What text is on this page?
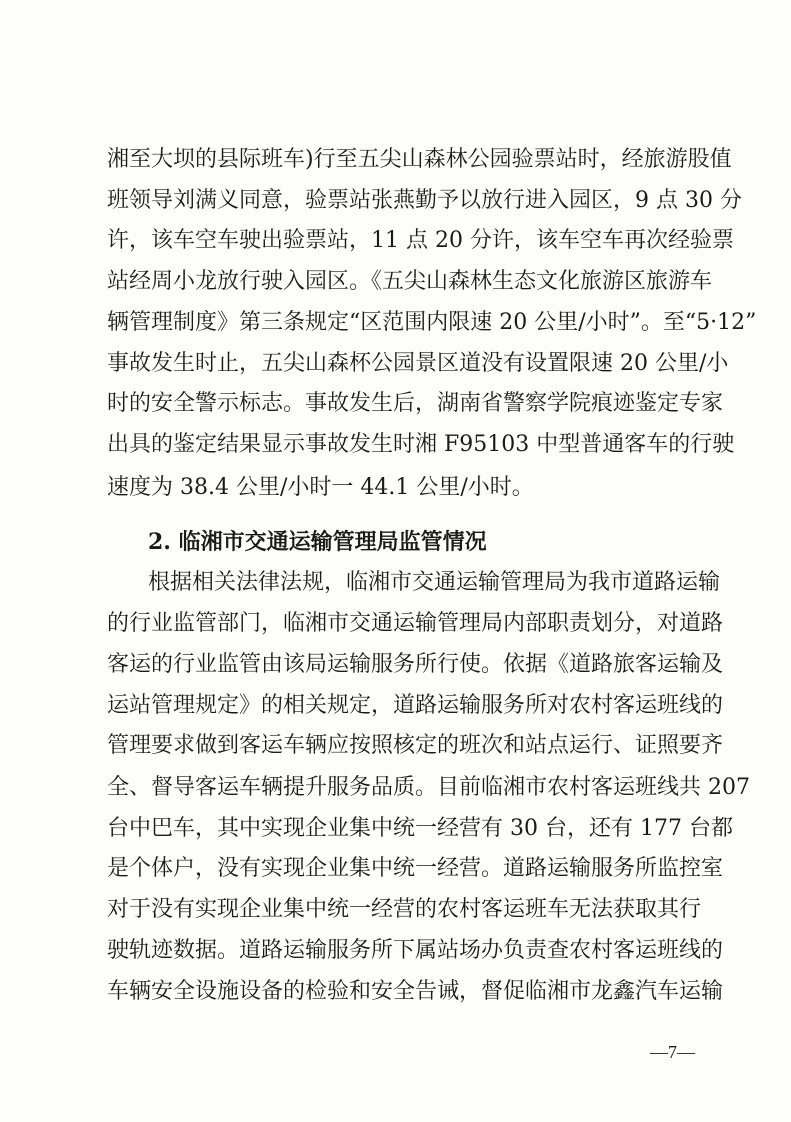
湘至大坝的县际班车)行至五尖山森林公园验票站时，经旅游股值
班领导刘满义同意，验票站张燕勤予以放行进入园区，9 点 30 分
许，该车空车驶出验票站，11 点 20 分许，该车空车再次经验票
站经周小龙放行驶入园区。《五尖山森林生态文化旅游区旅游车
辆管理制度》第三条规定“区范围内限速 20 公里/小时”。至“5·12”
事故发生时止，五尖山森杯公园景区道没有设置限速 20 公里/小
时的安全警示标志。事故发生后，湖南省警察学院痕迹鉴定专家
出具的鉴定结果显示事故发生时湘 F95103 中型普通客车的行驶
速度为 38.4 公里/小时一 44.1 公里/小时。
2. 临湘市交通运输管理局监管情况
根据相关法律法规，临湘市交通运输管理局为我市道路运输
的行业监管部门，临湘市交通运输管理局内部职责划分，对道路
客运的行业监管由该局运输服务所行使。依据《道路旅客运输及
运站管理规定》的相关规定，道路运输服务所对农村客运班线的
管理要求做到客运车辆应按照核定的班次和站点运行、证照要齐
全、督导客运车辆提升服务品质。目前临湘市农村客运班线共 207
台中巴车，其中实现企业集中统一经营有 30 台，还有 177 台都
是个体户，没有实现企业集中统一经营。道路运输服务所监控室
对于没有实现企业集中统一经营的农村客运班车无法获取其行
驶轨迹数据。道路运输服务所下属站场办负责查农村客运班线的
车辆安全设施设备的检验和安全告诫，督促临湘市龙鑫汽车运输
—7—
